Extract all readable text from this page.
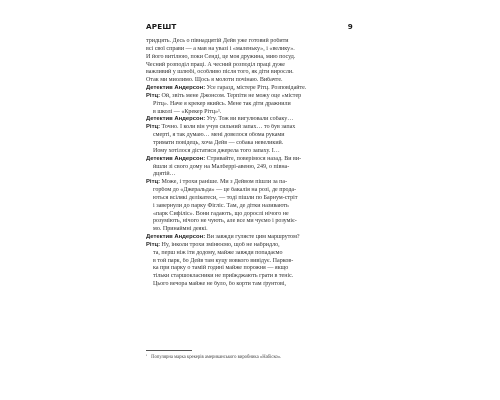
АРЕШТ	9
тридцять. Десь о півнадцятій Дейв уже готовий робити
всі свої справи — а мав на увазі і «маленьку», і «велику».
Й його витілюю, поки Сенді, це моя дружина, мию посуд.
Чесний розподіл праці. А чесний розподіл праці дуже
важливий у шлюбі, особливо після того, як діти виросли.
Отак ми миолимо. Щось я молоти почінаю. Вибачте.
Детектив Андерсон: Усе гаразд, містере Рітц. Розповідайте.
Рітц: Ой, звіть мене Джонсом. Терпіти не можу оце «містер
Рітц». Наче я крекер якийсь. Мене так діти дражнили
в школі — «Крекер Рітц»¹.
Детектив Андерсон: Угу. Тож ви вигулювали собаку…
Рітц: Точно. І коли він учув сильний запах… то був запах
смерті, я так думаю… мені довелося обома руками
тримати повідець, хоча Дейв — собака невеликий.
Йому хотілося дістатися джерела того запаху. І…
Детектив Андерсон: Стривайте, поверімося назад. Ви ви-
йшли зі свого дому на Малберрі-авеню, 249, о півна-
дцятій…
Рітц: Може, і трохи раніше. Ми з Дейвом пішли за па-
горбом до «Джеральда» — це бакалія на розі, де прода-
ються всілякі делікатеси, — тоді пішли по Барнум-стріт
і завернули до парку Фігліс. Там, де дітки називають
«парк Сифіліс». Вони гадають, що дорослі нічого не
розуміють, нічого не чують, але все ми чуємо і розуміє-
мо. Принаймні деякі.
Детектив Андерсон: Ви завжди гуляєте цим маршрутом?
Рітц: Ну, інколи трохи змінюємо, щоб не набридло,
та, перш ніж іти додому, майже завжди попадаємо
в той парк, бо Дейв там куцу вовкого вивідує. Парков-
ка при парку о тамій годині майже порожня — якщо
тільки старшокласники не приїжджають грати в теніс.
Цього вечора майже не було, бо корти там ґрунтові,
$^{^1}$ Популярна марка крекерів американського виробника «Набіско».
